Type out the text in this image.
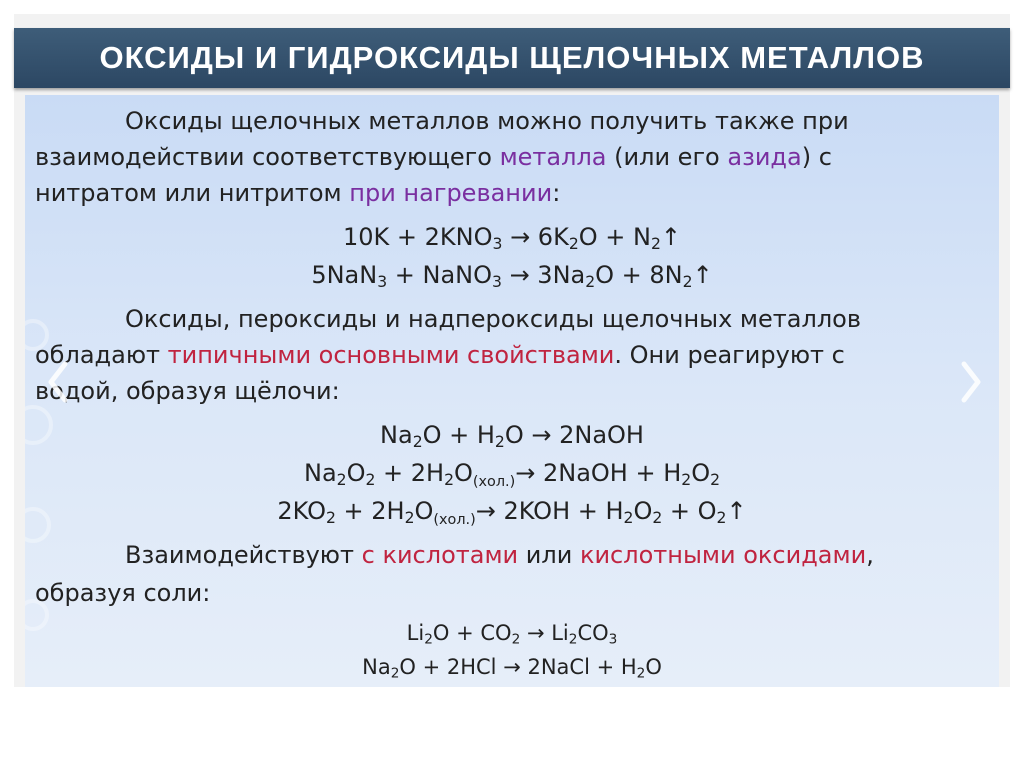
ОКСИДЫ И ГИДРОКСИДЫ ЩЕЛОЧНЫХ МЕТАЛЛОВ
Оксиды щелочных металлов можно получить также при
взаимодействии соответствующего металла (или его азида) с
нитратом или нитритом при нагревании:
$10K + 2KNO_3 \to 6K_2O$ + $N_2↑$
5NaN$_3$ + NaNO$_3$ → $3Na_2O$ + $8N_2↑$
Оксиды, пероксиды и надпероксиды щелочных металлов
обладают типичными основными свойствами. Они реагируют с
водой, образуя щёлочи:
$Na_2O + H_2O$ → 2NaOH
$Na_2O_2 + 2H_2O_{(хол.)}\to$ 2NaOH + $H_2O_2$
$2KO_2 + 2H_2O_{(хол.)}\to 2KOH + H_2O_2$ + $O_2↑$
Взаимодействуют с кислотами или кислотными оксидами,
образуя соли:
$Li_2O + CO_2 \to Li_2CO_3$
$Na_2O + 2HCl$ → 2NaCl + $H_2O$
